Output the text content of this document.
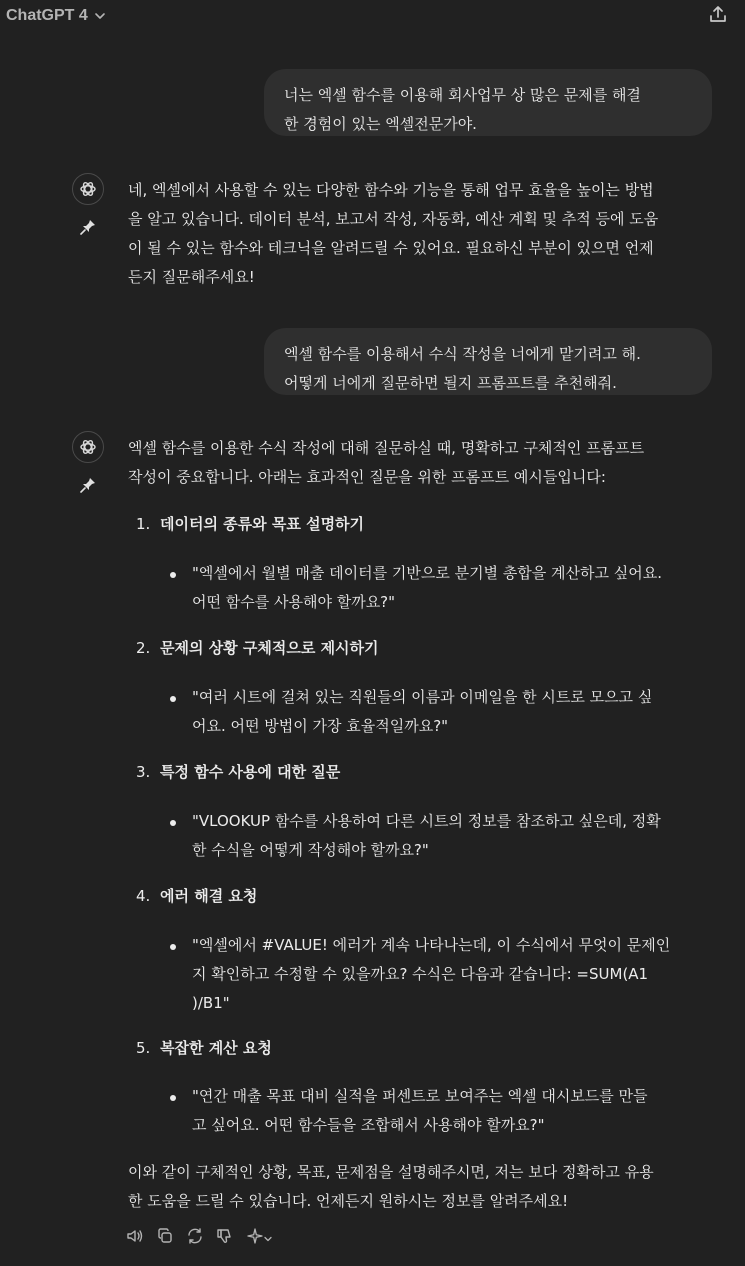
ChatGPT 4
너는 엑셀 함수를 이용해 회사업무 상 많은 문제를 해결
한 경험이 있는 엑셀전문가야.

네, 엑셀에서 사용할 수 있는 다양한 함수와 기능을 통해 업무 효율을 높이는 방법

을 알고 있습니다. 데이터 분석, 보고서 작성, 자동화, 예산 계획 및 추적 등에 도움

이 될 수 있는 함수와 테크닉을 알려드릴 수 있어요. 필요하신 부분이 있으면 언제

든지 질문해주세요!

엑셀 함수를 이용해서 수식 작성을 너에게 맡기려고 해.
어떻게 너에게 질문하면 될지 프롬프트를 추천해줘.

엑셀 함수를 이용한 수식 작성에 대해 질문하실 때, 명확하고 구체적인 프롬프트

작성이 중요합니다. 아래는 효과적인 질문을 위한 프롬프트 예시들입니다:

1. 데이터의 종류와 목표 설명하기
"엑셀에서 월별 매출 데이터를 기반으로 분기별 총합을 계산하고 싶어요.
어떤 함수를 사용해야 할까요?"
2. 문제의 상황 구체적으로 제시하기
"여러 시트에 걸쳐 있는 직원들의 이름과 이메일을 한 시트로 모으고 싶
어요. 어떤 방법이 가장 효율적일까요?"
3. 특정 함수 사용에 대한 질문
"VLOOKUP 함수를 사용하여 다른 시트의 정보를 참조하고 싶은데, 정확
한 수식을 어떻게 작성해야 할까요?"
4. 에러 해결 요청
"엑셀에서 #VALUE! 에러가 계속 나타나는데, 이 수식에서 무엇이 문제인
지 확인하고 수정할 수 있을까요? 수식은 다음과 같습니다: =SUM(A1
)/B1"
5. 복잡한 계산 요청
"연간 매출 목표 대비 실적을 퍼센트로 보여주는 엑셀 대시보드를 만들
고 싶어요. 어떤 함수들을 조합해서 사용해야 할까요?"

이와 같이 구체적인 상황, 목표, 문제점을 설명해주시면, 저는 보다 정확하고 유용

한 도움을 드릴 수 있습니다. 언제든지 원하시는 정보를 알려주세요!
